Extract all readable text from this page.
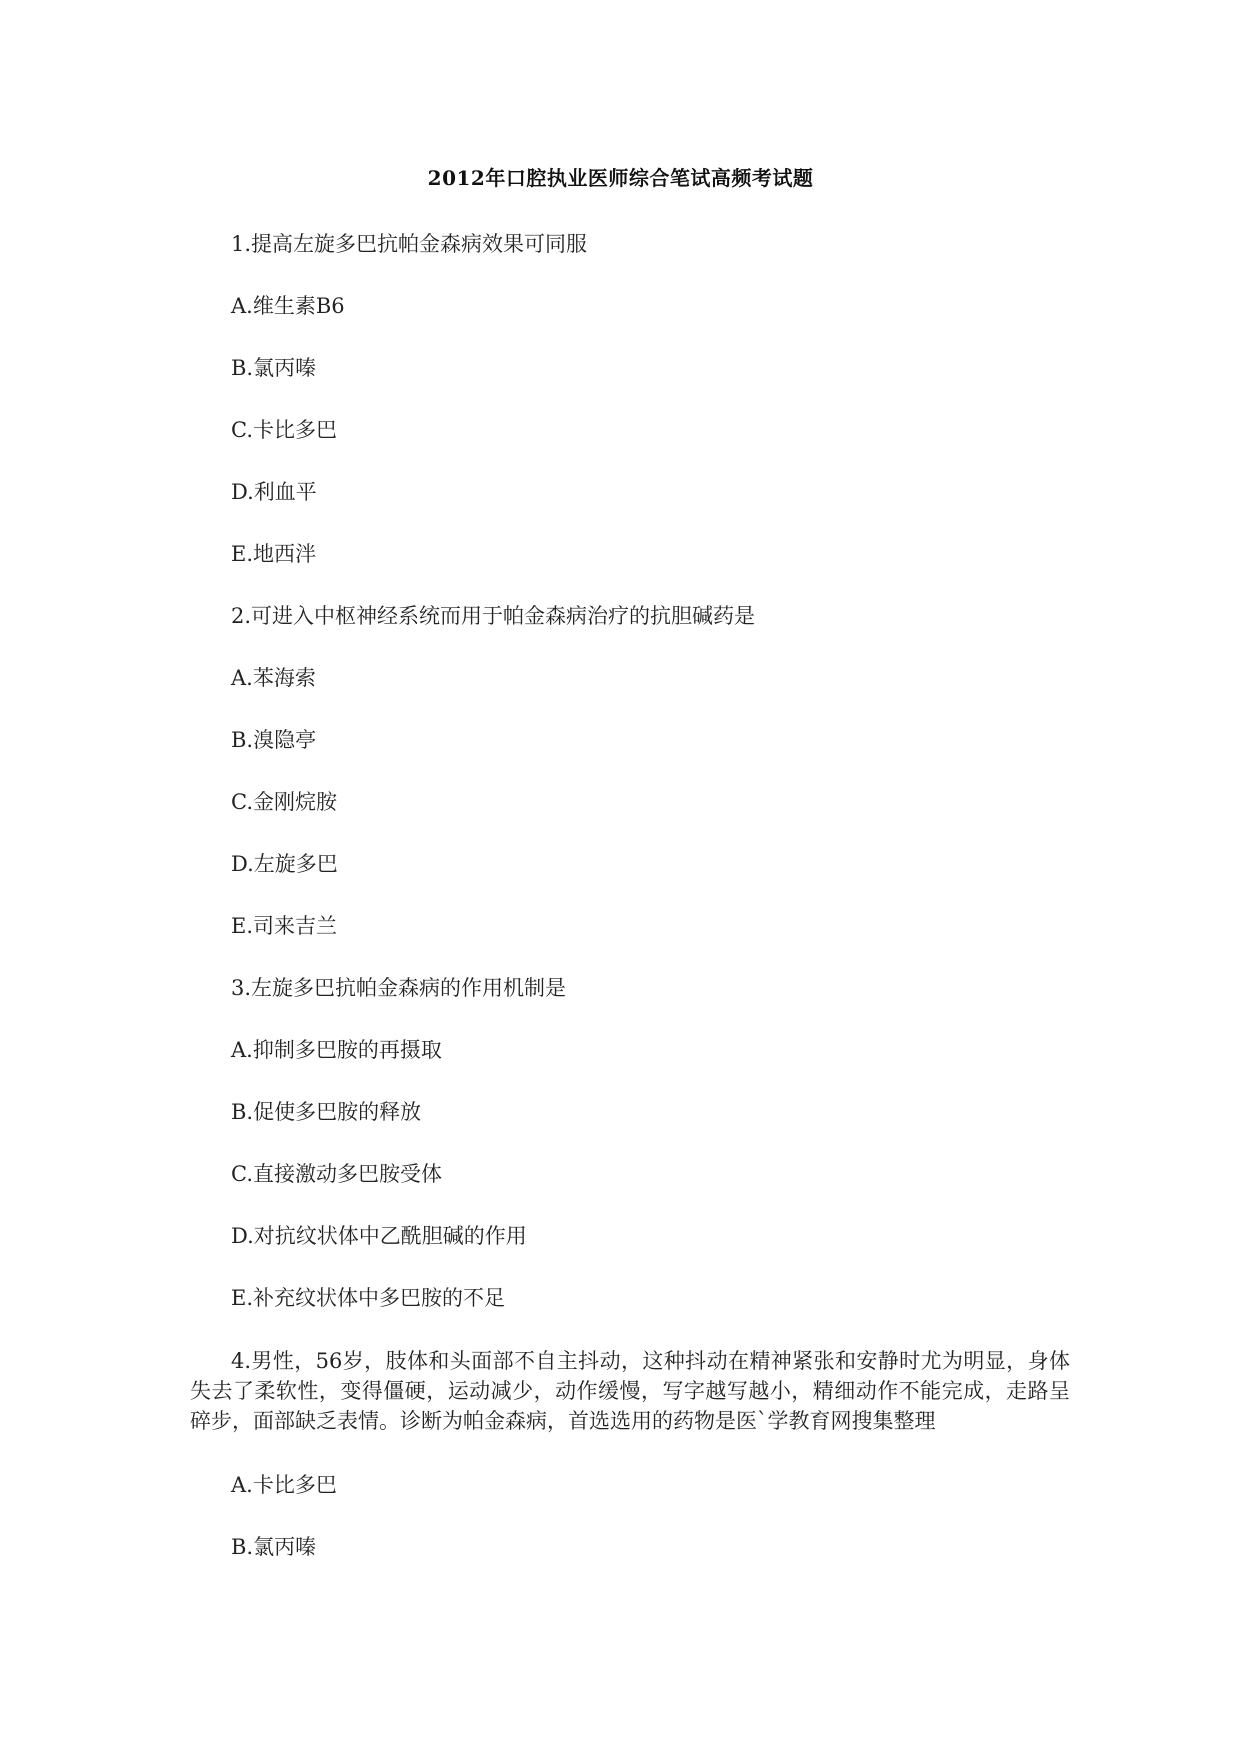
2012年口腔执业医师综合笔试高频考试题

1.提高左旋多巴抗帕金森病效果可同服

A.维生素B6

B.氯丙嗪

C.卡比多巴

D.利血平

E.地西泮

2.可进入中枢神经系统而用于帕金森病治疗的抗胆碱药是

A.苯海索

B.溴隐亭

C.金刚烷胺

D.左旋多巴

E.司来吉兰

3.左旋多巴抗帕金森病的作用机制是

A.抑制多巴胺的再摄取

B.促使多巴胺的释放

C.直接激动多巴胺受体

D.对抗纹状体中乙酰胆碱的作用

E.补充纹状体中多巴胺的不足

4.男性，56岁，肢体和头面部不自主抖动，这种抖动在精神紧张和安静时尤为明显，身体失去了柔软性，变得僵硬，运动减少，动作缓慢，写字越写越小，精细动作不能完成，走路呈碎步，面部缺乏表情。诊断为帕金森病，首选选用的药物是医`学教育网搜集整理

A.卡比多巴

B.氯丙嗪
